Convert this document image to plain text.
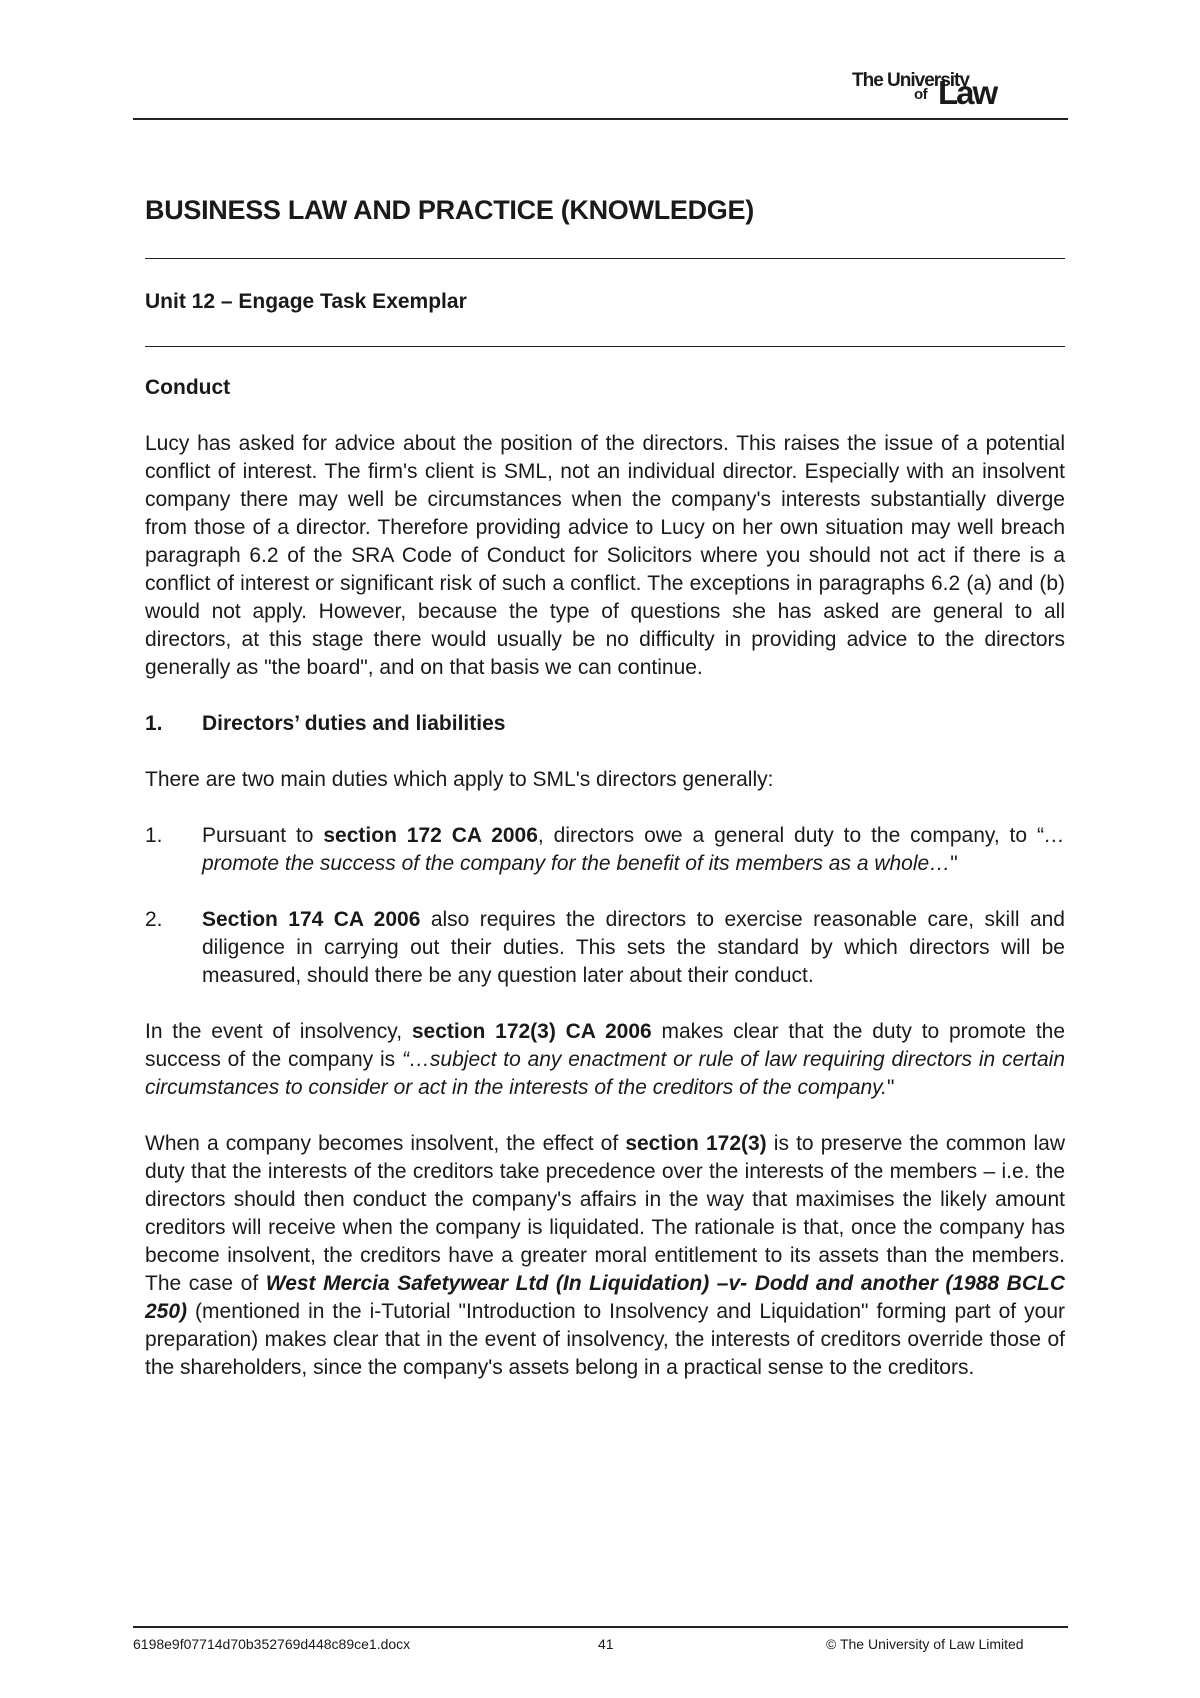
The University
of Law
BUSINESS LAW AND PRACTICE (KNOWLEDGE)
Unit 12 – Engage Task Exemplar

Conduct

Lucy has asked for advice about the position of the directors. This raises the issue of a potential conflict of interest. The firm's client is SML, not an individual director. Especially with an insolvent company there may well be circumstances when the company's interests substantially diverge from those of a director. Therefore providing advice to Lucy on her own situation may well breach paragraph 6.2 of the SRA Code of Conduct for Solicitors where you should not act if there is a conflict of interest or significant risk of such a conflict. The exceptions in paragraphs 6.2 (a) and (b) would not apply. However, because the type of questions she has asked are general to all directors, at this stage there would usually be no difficulty in providing advice to the directors generally as "the board", and on that basis we can continue.

1.	Directors’ duties and liabilities

There are two main duties which apply to SML's directors generally:

1.	Pursuant to section 172 CA 2006, directors owe a general duty to the company, to “…promote the success of the company for the benefit of its members as a whole…"
2.	Section 174 CA 2006 also requires the directors to exercise reasonable care, skill and diligence in carrying out their duties. This sets the standard by which directors will be measured, should there be any question later about their conduct.

In the event of insolvency, section 172(3) CA 2006 makes clear that the duty to promote the success of the company is “…subject to any enactment or rule of law requiring directors in certain circumstances to consider or act in the interests of the creditors of the company."

When a company becomes insolvent, the effect of section 172(3) is to preserve the common law duty that the interests of the creditors take precedence over the interests of the members – i.e. the directors should then conduct the company's affairs in the way that maximises the likely amount creditors will receive when the company is liquidated. The rationale is that, once the company has become insolvent, the creditors have a greater moral entitlement to its assets than the members. The case of West Mercia Safetywear Ltd (In Liquidation) –v- Dodd and another (1988 BCLC 250) (mentioned in the i-Tutorial "Introduction to Insolvency and Liquidation" forming part of your preparation) makes clear that in the event of insolvency, the interests of creditors override those of the shareholders, since the company's assets belong in a practical sense to the creditors.

6198e9f07714d70b352769d448c89ce1.docx	41	© The University of Law Limited
